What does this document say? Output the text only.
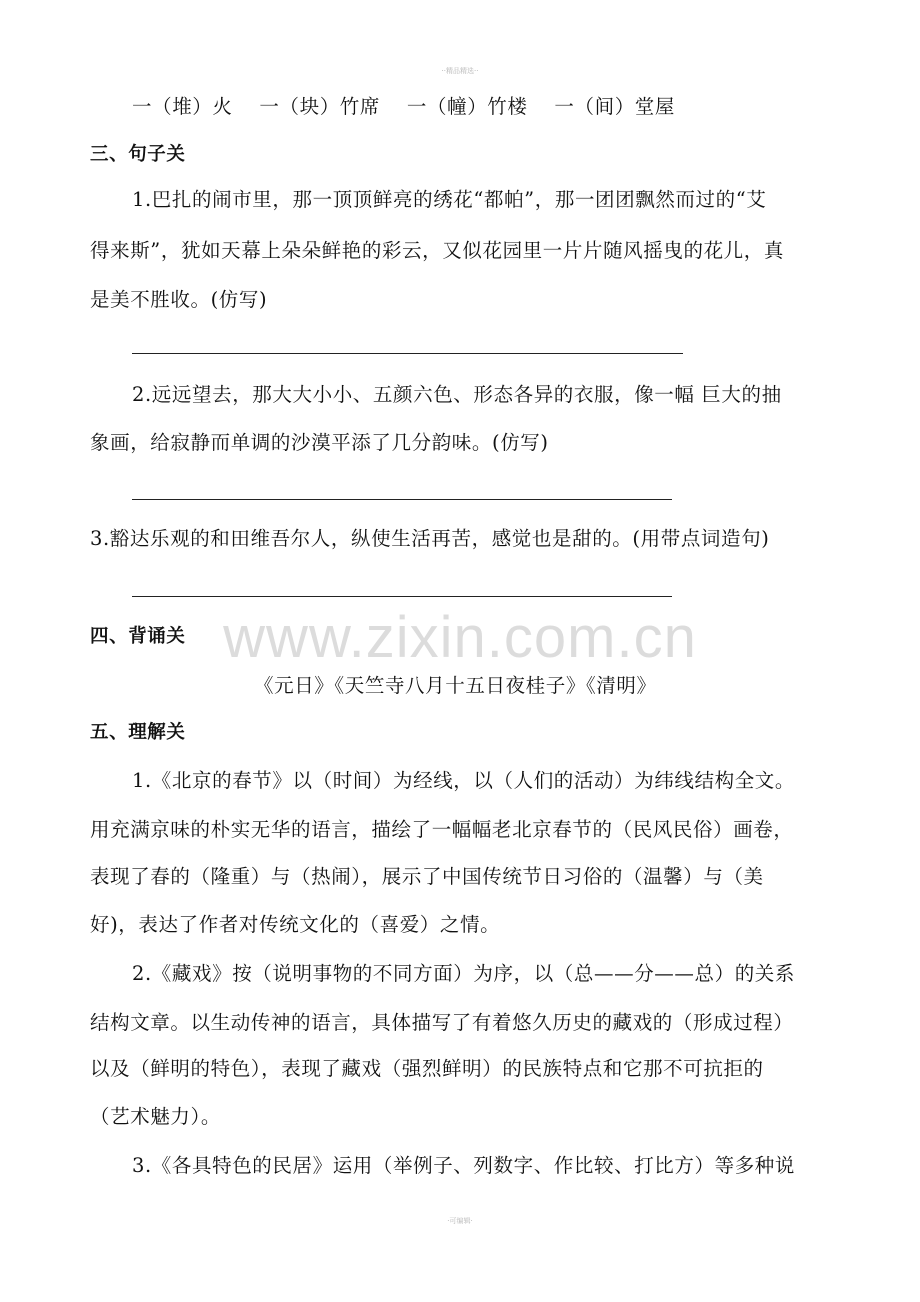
··精品精选··
www.zixin.com.cn
一（堆）火　 一（块）竹席　 一（幢）竹楼　 一（间）堂屋
三、句子关
1.巴扎的闹市里，那一顶顶鲜亮的绣花“都帕”，那一团团飘然而过的“艾
得来斯”，犹如天幕上朵朵鲜艳的彩云，又似花园里一片片随风摇曳的花儿，真
是美不胜收。(仿写)
2.远远望去，那大大小小、五颜六色、形态各异的衣服，像一幅 巨大的抽
象画，给寂静而单调的沙漠平添了几分韵味。(仿写)
3.豁达乐观的和田维吾尔人，纵使生活再苦，感觉也是甜的。(用带点词造句)
四、背诵关
《元日》《天竺寺八月十五日夜桂子》《清明》
五、理解关
1.《北京的春节》以（时间）为经线，以（人们的活动）为纬线结构全文。
用充满京味的朴实无华的语言，描绘了一幅幅老北京春节的（民风民俗）画卷，
表现了春的（隆重）与（热闹），展示了中国传统节日习俗的（温馨）与（美
好)，表达了作者对传统文化的（喜爱）之情。
2.《藏戏》按（说明事物的不同方面）为序，以（总——分——总）的关系
结构文章。以生动传神的语言，具体描写了有着悠久历史的藏戏的（形成过程）
以及（鲜明的特色），表现了藏戏（强烈鲜明）的民族特点和它那不可抗拒的
（艺术魅力）。
3.《各具特色的民居》运用（举例子、列数字、作比较、打比方）等多种说
·可编辑·
